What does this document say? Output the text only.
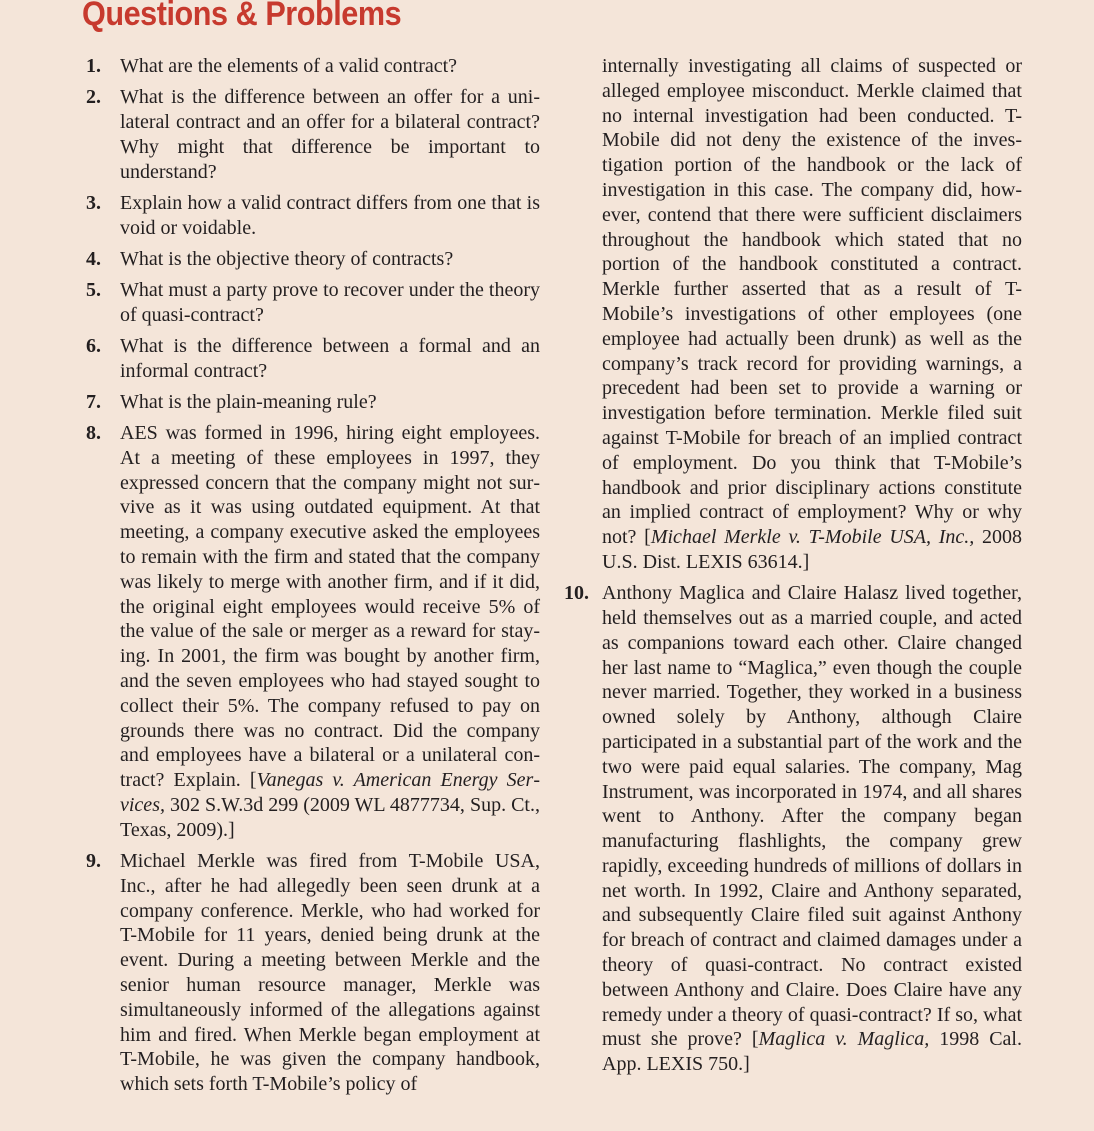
Questions & Problems

1. What are the elements of a valid contract?

2. What is the difference between an offer for a unilateral contract and an offer for a bilateral contract? Why might that difference be important to understand?

3. Explain how a valid contract differs from one that is void or voidable.

4. What is the objective theory of contracts?

5. What must a party prove to recover under the theory of quasi-contract?

6. What is the difference between a formal and an informal contract?

7. What is the plain-meaning rule?

8. AES was formed in 1996, hiring eight employees. At a meeting of these employees in 1997, they expressed concern that the company might not survive as it was using outdated equipment. At that meeting, a company executive asked the employees to remain with the firm and stated that the company was likely to merge with another firm, and if it did, the original eight employees would receive 5% of the value of the sale or merger as a reward for staying. In 2001, the firm was bought by another firm, and the seven employees who had stayed sought to collect their 5%. The company refused to pay on grounds there was no contract. Did the company and employees have a bilateral or a unilateral contract? Explain. [Vanegas v. American Energy Services, 302 S.W.3d 299 (2009 WL 4877734, Sup. Ct., Texas, 2009).]

9. Michael Merkle was fired from T-Mobile USA, Inc., after he had allegedly been seen drunk at a company conference. Merkle, who had worked for T-Mobile for 11 years, denied being drunk at the event. During a meeting between Merkle and the senior human resource manager, Merkle was simultaneously informed of the allegations against him and fired. When Merkle began employment at T-Mobile, he was given the company handbook, which sets forth T-Mobile’s policy of

internally investigating all claims of suspected or alleged employee misconduct. Merkle claimed that no internal investigation had been conducted. T-Mobile did not deny the existence of the investigation portion of the handbook or the lack of investigation in this case. The company did, however, contend that there were sufficient disclaimers throughout the handbook which stated that no portion of the handbook constituted a contract. Merkle further asserted that as a result of T-Mobile’s investigations of other employees (one employee had actually been drunk) as well as the company’s track record for providing warnings, a precedent had been set to provide a warning or investigation before termination. Merkle filed suit against T-Mobile for breach of an implied contract of employment. Do you think that T-Mobile’s handbook and prior disciplinary actions constitute an implied contract of employment? Why or why not? [Michael Merkle v. T-Mobile USA, Inc., 2008 U.S. Dist. LEXIS 63614.]

10. Anthony Maglica and Claire Halasz lived together, held themselves out as a married couple, and acted as companions toward each other. Claire changed her last name to “Maglica,” even though the couple never married. Together, they worked in a business owned solely by Anthony, although Claire participated in a substantial part of the work and the two were paid equal salaries. The company, Mag Instrument, was incorporated in 1974, and all shares went to Anthony. After the company began manufacturing flashlights, the company grew rapidly, exceeding hundreds of millions of dollars in net worth. In 1992, Claire and Anthony separated, and subsequently Claire filed suit against Anthony for breach of contract and claimed damages under a theory of quasi-contract. No contract existed between Anthony and Claire. Does Claire have any remedy under a theory of quasi-contract? If so, what must she prove? [Maglica v. Maglica, 1998 Cal. App. LEXIS 750.]
